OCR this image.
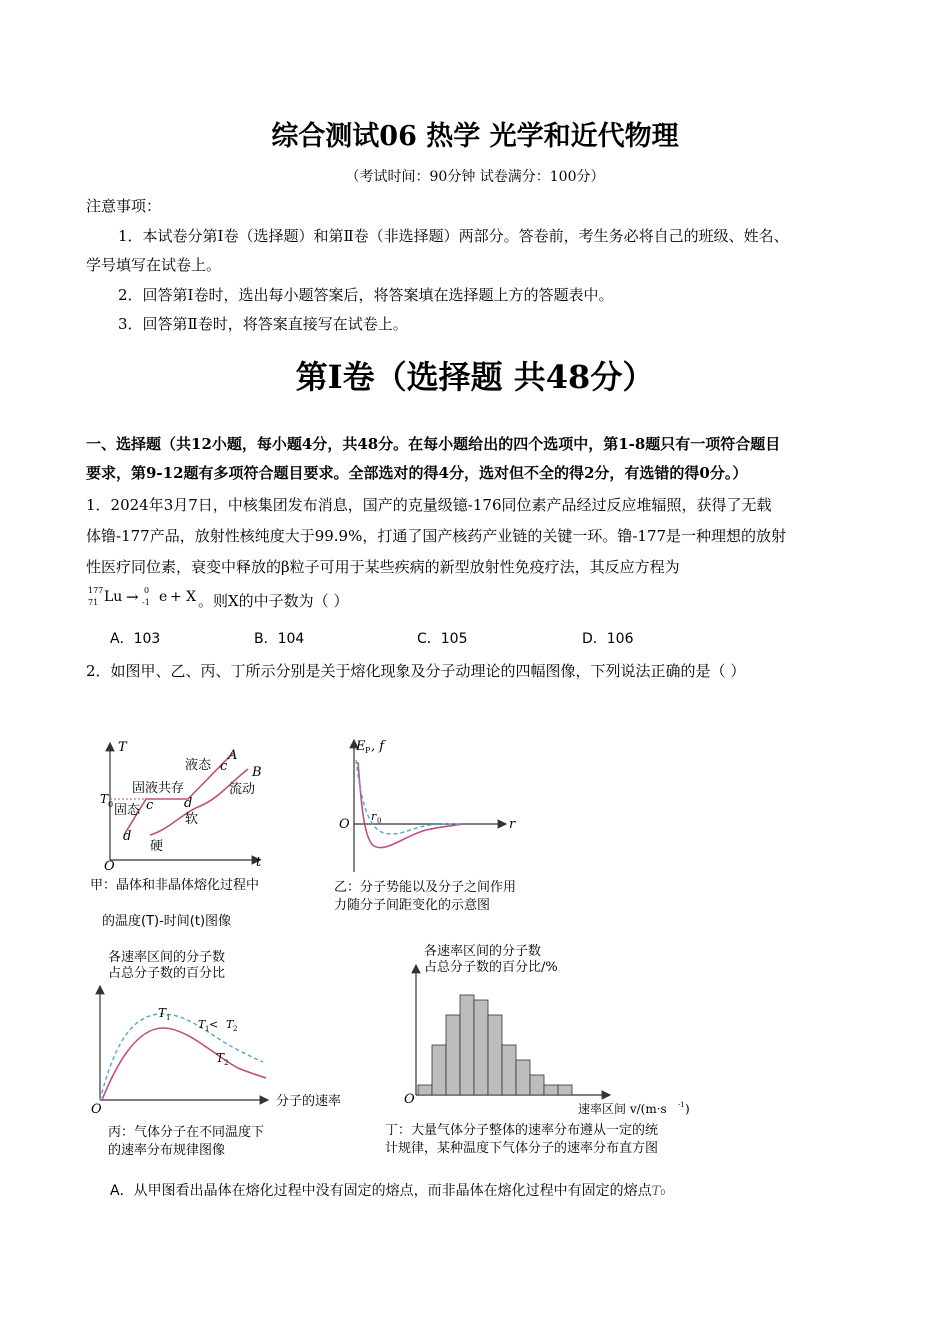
综合测试06 热学 光学和近代物理
（考试时间：90分钟 试卷满分：100分）
注意事项：
1．本试卷分第Ⅰ卷（选择题）和第Ⅱ卷（非选择题）两部分。答卷前，考生务必将自己的班级、姓名、
学号填写在试卷上。
2．回答第Ⅰ卷时，选出每小题答案后，将答案填在选择题上方的答题表中。
3．回答第Ⅱ卷时，将答案直接写在试卷上。
第Ⅰ卷（选择题 共48分）
一、选择题（共12小题，每小题4分，共48分。在每小题给出的四个选项中，第1-8题只有一项符合题目
要求，第9-12题有多项符合题目要求。全部选对的得4分，选对但不全的得2分，有选错的得0分。）
1．2024年3月7日，中核集团发布消息，国产的克量级镱-176同位素产品经过反应堆辐照，获得了无载
体镥-177产品，放射性核纯度大于99.9%，打通了国产核药产业链的关键一环。镥-177是一种理想的放射
性医疗同位素，衰变中释放的β粒子可用于某些疾病的新型放射性免疫疗法，其反应方程为
177
71 Lu → 0
-1 e + X 。则X的中子数为（ ）
A．103	B．104	C．105	D．106
2．如图甲、乙、丙、丁所示分别是关于熔化现象及分子动理论的四幅图像，下列说法正确的是（ ）
T
t
O
T 0
液态
A
c B
流动
固液共存
固态 c d
软
d
硬
甲：晶体和非晶体熔化过程中
的温度(T)-时间(t)图像
E P , f
r
O
r 0
乙：分子势能以及分子之间作用
力随分子间距变化的示意图
各速率区间的分子数
占总分子数的百分比
分子的速率
O
T 1
T 2
T 1 < T 2
丙：气体分子在不同温度下
的速率分布规律图像
各速率区间的分子数
占总分子数的百分比/%
O
速率区间 v/(m·s -1 )
丁：大量气体分子整体的速率分布遵从一定的统
计规律，某种温度下气体分子的速率分布直方图
A．从甲图看出晶体在熔化过程中没有固定的熔点，而非晶体在熔化过程中有固定的熔点T0
